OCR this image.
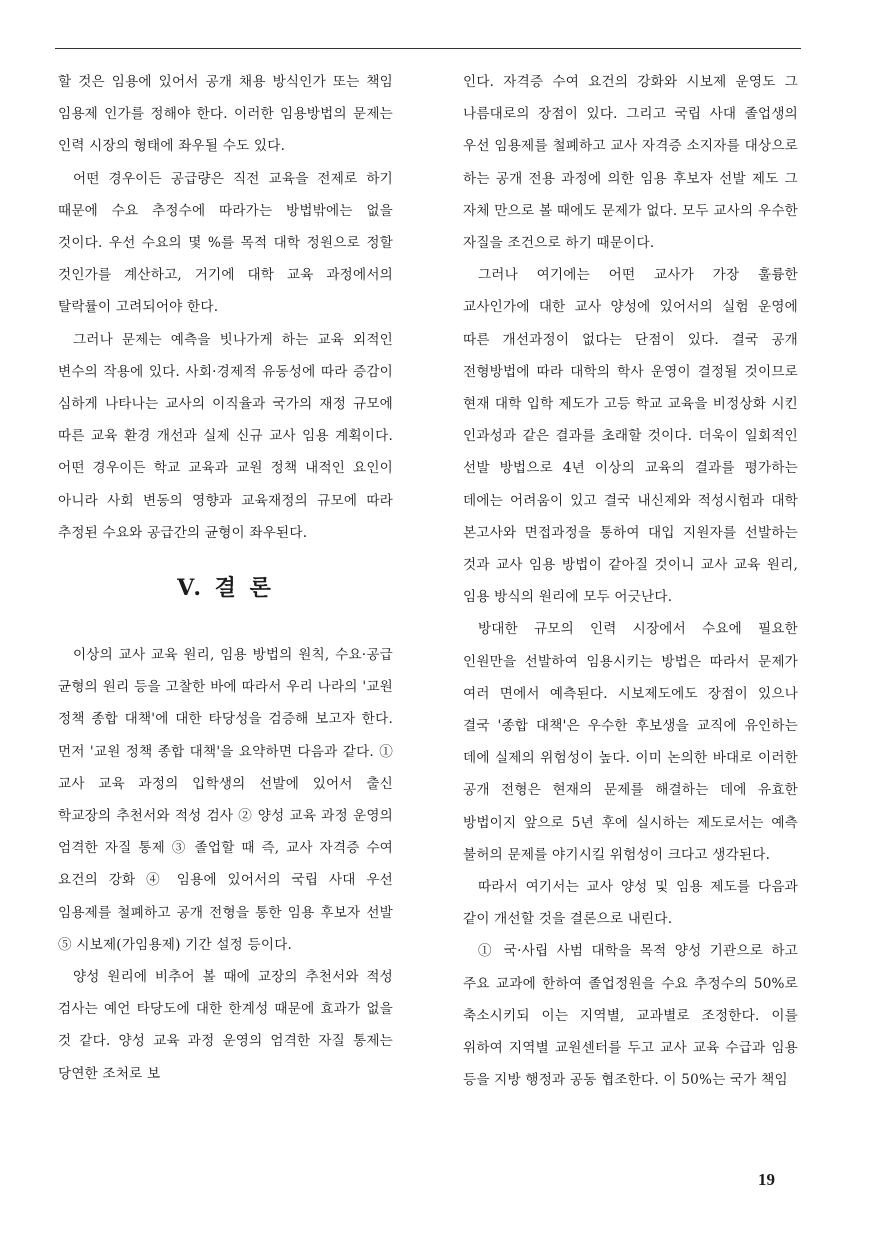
할 것은 임용에 있어서 공개 채용 방식인가 또는 책임 임용제 인가를 정해야 한다. 이러한 임용방법의 문제는 인력 시장의 형태에 좌우될 수도 있다.

어떤 경우이든 공급량은 직전 교육을 전제로 하기 때문에 수요 추정수에 따라가는 방법밖에는 없을 것이다. 우선 수요의 몇 %를 목적 대학 정원으로 정할 것인가를 계산하고, 거기에 대학 교육 과정에서의 탈락률이 고려되어야 한다.

그러나 문제는 예측을 빗나가게 하는 교육 외적인 변수의 작용에 있다. 사회·경제적 유동성에 따라 증감이 심하게 나타나는 교사의 이직율과 국가의 재정 규모에 따른 교육 환경 개선과 실제 신규 교사 임용 계획이다. 어떤 경우이든 학교 교육과 교원 정책 내적인 요인이 아니라 사회 변동의 영향과 교육재정의 규모에 따라 추정된 수요와 공급간의 균형이 좌우된다.

V. 결 론

이상의 교사 교육 원리, 임용 방법의 원칙, 수요·공급 균형의 원리 등을 고찰한 바에 따라서 우리 나라의 '교원 정책 종합 대책'에 대한 타당성을 검증해 보고자 한다. 먼저 '교원 정책 종합 대책'을 요약하면 다음과 같다. ① 교사 교육 과정의 입학생의 선발에 있어서 출신 학교장의 추천서와 적성 검사 ② 양성 교육 과정 운영의 엄격한 자질 통제 ③ 졸업할 때 즉, 교사 자격증 수여 요건의 강화 ④ 임용에 있어서의 국립 사대 우선 임용제를 철폐하고 공개 전형을 통한 임용 후보자 선발 ⑤ 시보제(가임용제) 기간 설정 등이다.

양성 원리에 비추어 볼 때에 교장의 추천서와 적성 검사는 예언 타당도에 대한 한계성 때문에 효과가 없을 것 같다. 양성 교육 과정 운영의 엄격한 자질 통제는 당연한 조처로 보

인다. 자격증 수여 요건의 강화와 시보제 운영도 그 나름대로의 장점이 있다. 그리고 국립 사대 졸업생의 우선 임용제를 철폐하고 교사 자격증 소지자를 대상으로 하는 공개 전용 과정에 의한 임용 후보자 선발 제도 그 자체 만으로 볼 때에도 문제가 없다. 모두 교사의 우수한 자질을 조건으로 하기 때문이다.

그러나 여기에는 어떤 교사가 가장 훌륭한 교사인가에 대한 교사 양성에 있어서의 실험 운영에 따른 개선과정이 없다는 단점이 있다. 결국 공개 전형방법에 따라 대학의 학사 운영이 결정될 것이므로 현재 대학 입학 제도가 고등 학교 교육을 비정상화 시킨 인과성과 같은 결과를 초래할 것이다. 더욱이 일회적인 선발 방법으로 4년 이상의 교육의 결과를 평가하는 데에는 어려움이 있고 결국 내신제와 적성시험과 대학 본고사와 면접과정을 통하여 대입 지원자를 선발하는 것과 교사 임용 방법이 같아질 것이니 교사 교육 원리, 임용 방식의 원리에 모두 어긋난다.

방대한 규모의 인력 시장에서 수요에 필요한 인원만을 선발하여 임용시키는 방법은 따라서 문제가 여러 면에서 예측된다. 시보제도에도 장점이 있으나 결국 '종합 대책'은 우수한 후보생을 교직에 유인하는 데에 실제의 위험성이 높다. 이미 논의한 바대로 이러한 공개 전형은 현재의 문제를 해결하는 데에 유효한 방법이지 앞으로 5년 후에 실시하는 제도로서는 예측 불허의 문제를 야기시킬 위험성이 크다고 생각된다.

따라서 여기서는 교사 양성 및 임용 제도를 다음과 같이 개선할 것을 결론으로 내린다.

① 국·사립 사범 대학을 목적 양성 기관으로 하고 주요 교과에 한하여 졸업정원을 수요 추정수의 50%로 축소시키되 이는 지역별, 교과별로 조정한다. 이를 위하여 지역별 교원센터를 두고 교사 교육 수급과 임용 등을 지방 행정과 공동 협조한다. 이 50%는 국가 책임

19
